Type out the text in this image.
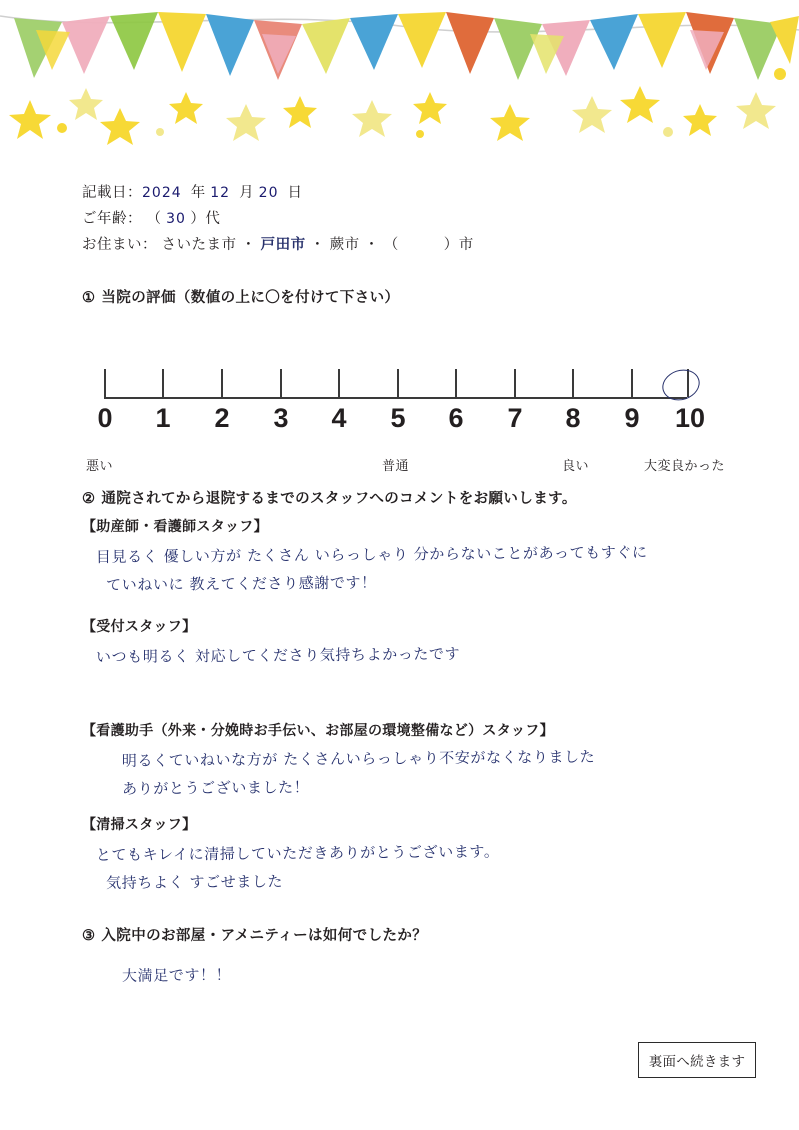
記載日：2024 年 12 月 20 日
ご年齢： （ 30 ）代
お住まい： さいたま市 ・ 戸田市 ・ 蕨市 ・ （　　　）市
① 当院の評価（数値の上に〇を付けて下さい）
0 1 2 3 4 5 6 7 8 9 10
悪い	普通	良い	大変良かった
② 通院されてから退院するまでのスタッフへのコメントをお願いします。
【助産師・看護師スタッフ】
目見るく 優しい方が たくさん いらっしゃり 分からないことがあってもすぐに
ていねいに 教えてくださり感謝です！
【受付スタッフ】
いつも明るく 対応してくださり気持ちよかったです
【看護助手（外来・分娩時お手伝い、お部屋の環境整備など）スタッフ】
明るくていねいな方が たくさんいらっしゃり不安がなくなりました
ありがとうございました！
【清掃スタッフ】
とてもキレイに清掃していただきありがとうございます。
気持ちよく すごせました
③ 入院中のお部屋・アメニティーは如何でしたか？
大満足です！！
裏面へ続きます
